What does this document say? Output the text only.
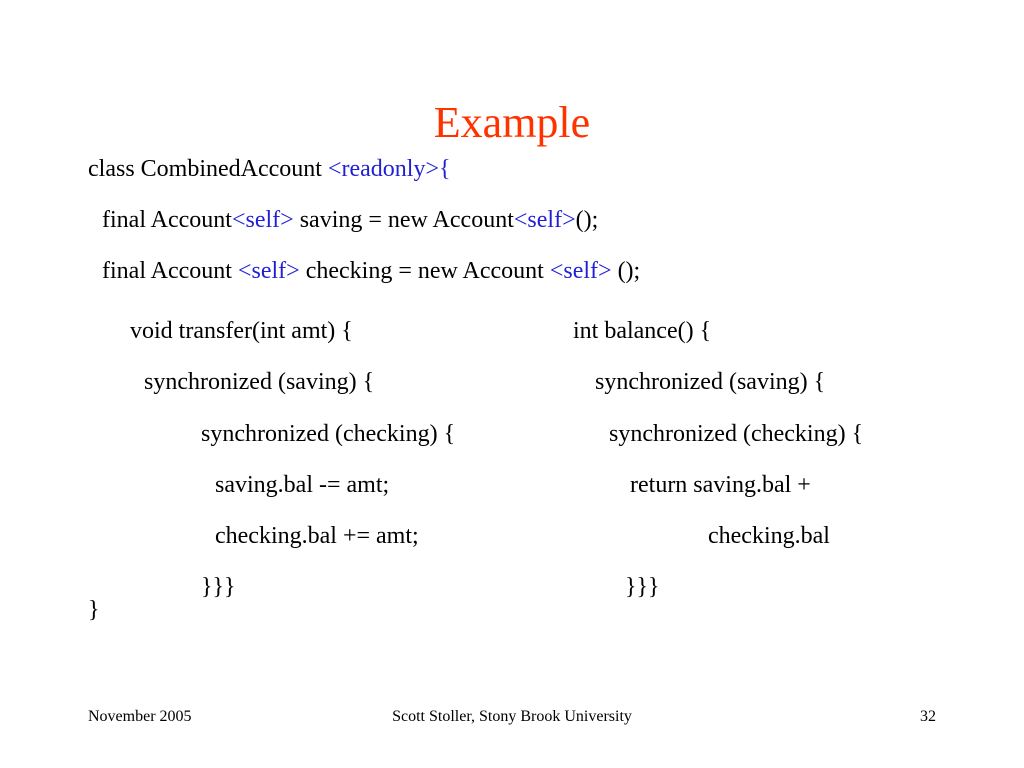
Example
class CombinedAccount <readonly>{
final Account<self> saving = new Account<self>();
final Account <self> checking = new Account <self> ();
void transfer(int amt) {
synchronized (saving) {
synchronized (checking) {
saving.bal -= amt;
checking.bal += amt;
}}}
int balance() {
synchronized (saving) {
synchronized (checking) {
return saving.bal +
checking.bal
}}}
}
November 2005	Scott Stoller, Stony Brook University	32
